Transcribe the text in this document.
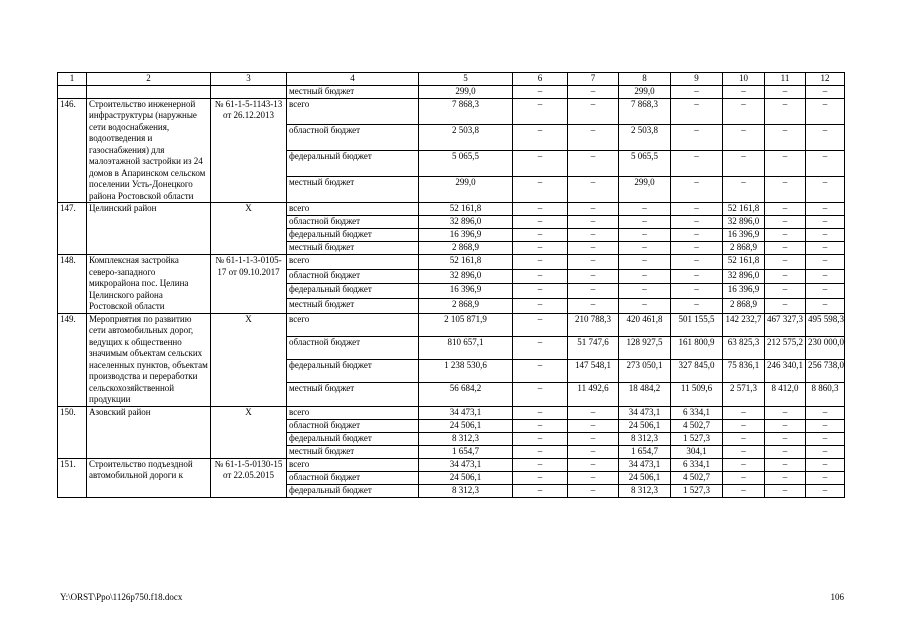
1	2	3	4	5	6	7	8	9	10	11	12
			местный бюджет	299,0	–	–	299,0	–	–	–	–
146.	Строительство инженерной инфраструктуры (наружные сети водоснабжения, водоотведения и газоснабжения) для малоэтажной застройки из 24 домов в Апаринском сельском поселении Усть-Донецкого района Ростовской области	№ 61-1-5-1143-13 от 26.12.2013	всего	7 868,3	–	–	7 868,3	–	–	–	–
			областной бюджет	2 503,8	–	–	2 503,8	–	–	–	–
			федеральный бюджет	5 065,5	–	–	5 065,5	–	–	–	–
			местный бюджет	299,0	–	–	299,0	–	–	–	–
147.	Целинский район	Х	всего	52 161,8	–	–	–	–	52 161,8	–	–
			областной бюджет	32 896,0	–	–	–	–	32 896,0	–	–
			федеральный бюджет	16 396,9	–	–	–	–	16 396,9	–	–
			местный бюджет	2 868,9	–	–	–	–	2 868,9	–	–
148.	Комплексная застройка северо-западного микрорайона пос. Целина Целинского района Ростовской области	№ 61-1-1-3-0105-17 от 09.10.2017	всего	52 161,8	–	–	–	–	52 161,8	–	–
			областной бюджет	32 896,0	–	–	–	–	32 896,0	–	–
			федеральный бюджет	16 396,9	–	–	–	–	16 396,9	–	–
			местный бюджет	2 868,9	–	–	–	–	2 868,9	–	–
149.	Мероприятия по развитию сети автомобильных дорог, ведущих к общественно значимым объектам сельских населенных пунктов, объектам производства и переработки сельскохозяйственной продукции	Х	всего	2 105 871,9	–	210 788,3	420 461,8	501 155,5	142 232,7	467 327,3	495 598,3
			областной бюджет	810 657,1	–	51 747,6	128 927,5	161 800,9	63 825,3	212 575,2	230 000,0
			федеральный бюджет	1 238 530,6	–	147 548,1	273 050,1	327 845,0	75 836,1	246 340,1	256 738,0
			местный бюджет	56 684,2	–	11 492,6	18 484,2	11 509,6	2 571,3	8 412,0	8 860,3
150.	Азовский район	Х	всего	34 473,1	–	–	34 473,1	6 334,1	–	–	–
			областной бюджет	24 506,1	–	–	24 506,1	4 502,7	–	–	–
			федеральный бюджет	8 312,3	–	–	8 312,3	1 527,3	–	–	–
			местный бюджет	1 654,7	–	–	1 654,7	304,1	–	–	–
151.	Строительство подъездной автомобильной дороги к	№ 61-1-5-0130-15 от 22.05.2015	всего	34 473,1	–	–	34 473,1	6 334,1	–	–	–
			областной бюджет	24 506,1	–	–	24 506,1	4 502,7	–	–	–
			федеральный бюджет	8 312,3	–	–	8 312,3	1 527,3	–	–	–
Y:\ORST\Ppo\1126p750.f18.docx	106
